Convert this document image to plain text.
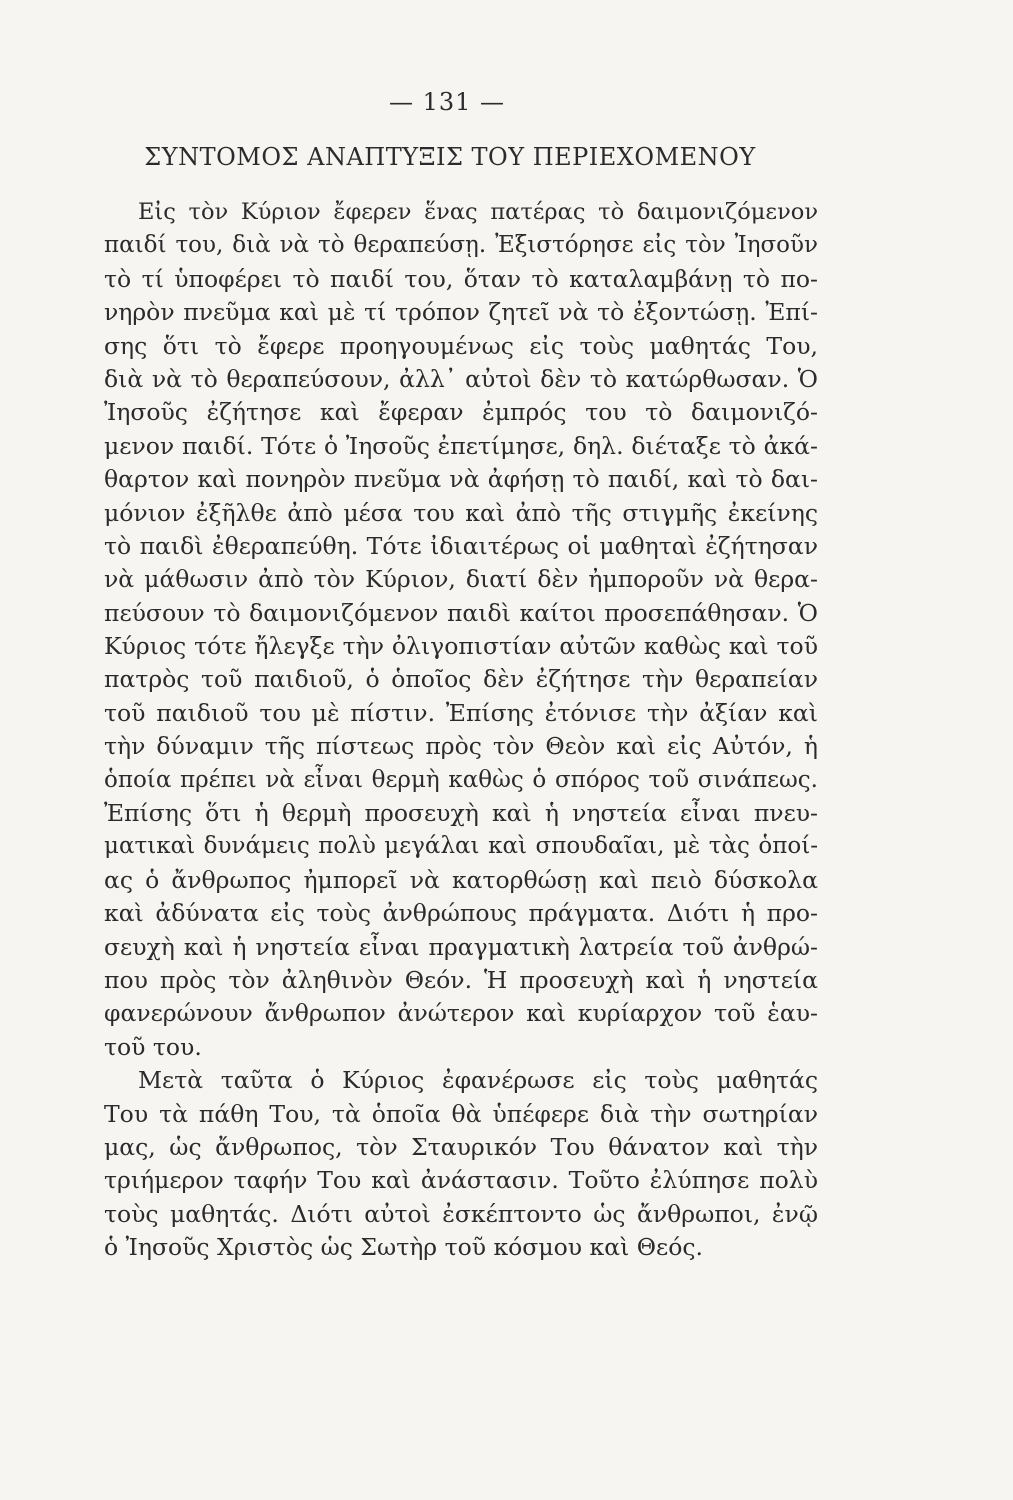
— 131 —
ΣΥΝΤΟΜΟΣ ΑΝΑΠΤΥΞΙΣ ΤΟΥ ΠΕΡΙΕΧΟΜΕΝΟΥ
Εἰς τὸν Κύριον ἔφερεν ἕνας πατέρας τὸ δαιμονιζόμενον
παιδί του, διὰ νὰ τὸ θεραπεύσῃ. Ἐξιστόρησε εἰς τὸν Ἰησοῦν
τὸ τί ὑποφέρει τὸ παιδί του, ὅταν τὸ καταλαμβάνῃ τὸ πο-
νηρὸν πνεῦμα καὶ μὲ τί τρόπον ζητεῖ νὰ τὸ ἐξοντώσῃ. Ἐπί-
σης ὅτι τὸ ἔφερε προηγουμένως εἰς τοὺς μαθητάς Του,
διὰ νὰ τὸ θεραπεύσουν, ἀλλ᾽ αὐτοὶ δὲν τὸ κατώρθωσαν. Ὁ
Ἰησοῦς ἐζήτησε καὶ ἔφεραν ἐμπρός του τὸ δαιμονιζό-
μενον παιδί. Τότε ὁ Ἰησοῦς ἐπετίμησε, δηλ. διέταξε τὸ ἀκά-
θαρτον καὶ πονηρὸν πνεῦμα νὰ ἀφήσῃ τὸ παιδί, καὶ τὸ δαι-
μόνιον ἐξῆλθε ἀπὸ μέσα του καὶ ἀπὸ τῆς στιγμῆς ἐκείνης
τὸ παιδὶ ἐθεραπεύθη. Τότε ἰδιαιτέρως οἱ μαθηταὶ ἐζήτησαν
νὰ μάθωσιν ἀπὸ τὸν Κύριον, διατί δὲν ἠμποροῦν νὰ θερα-
πεύσουν τὸ δαιμονιζόμενον παιδὶ καίτοι προσεπάθησαν. Ὁ
Κύριος τότε ἤλεγξε τὴν ὀλιγοπιστίαν αὐτῶν καθὼς καὶ τοῦ
πατρὸς τοῦ παιδιοῦ, ὁ ὁποῖος δὲν ἐζήτησε τὴν θεραπείαν
τοῦ παιδιοῦ του μὲ πίστιν. Ἐπίσης ἐτόνισε τὴν ἀξίαν καὶ
τὴν δύναμιν τῆς πίστεως πρὸς τὸν Θεὸν καὶ εἰς Αὐτόν, ἡ
ὁποία πρέπει νὰ εἶναι θερμὴ καθὼς ὁ σπόρος τοῦ σινάπεως.
Ἐπίσης ὅτι ἡ θερμὴ προσευχὴ καὶ ἡ νηστεία εἶναι πνευ-
ματικαὶ δυνάμεις πολὺ μεγάλαι καὶ σπουδαῖαι, μὲ τὰς ὁποί-
ας ὁ ἄνθρωπος ἠμπορεῖ νὰ κατορθώσῃ καὶ πειὸ δύσκολα
καὶ ἀδύνατα εἰς τοὺς ἀνθρώπους πράγματα. Διότι ἡ προ-
σευχὴ καὶ ἡ νηστεία εἶναι πραγματικὴ λατρεία τοῦ ἀνθρώ-
που πρὸς τὸν ἀληθινὸν Θεόν. Ἡ προσευχὴ καὶ ἡ νηστεία
φανερώνουν ἄνθρωπον ἀνώτερον καὶ κυρίαρχον τοῦ ἑαυ-
τοῦ του.
Μετὰ ταῦτα ὁ Κύριος ἐφανέρωσε εἰς τοὺς μαθητάς
Του τὰ πάθη Του, τὰ ὁποῖα θὰ ὑπέφερε διὰ τὴν σωτηρίαν
μας, ὡς ἄνθρωπος, τὸν Σταυρικόν Του θάνατον καὶ τὴν
τριήμερον ταφήν Του καὶ ἀνάστασιν. Τοῦτο ἐλύπησε πολὺ
τοὺς μαθητάς. Διότι αὐτοὶ ἐσκέπτοντο ὡς ἄνθρωποι, ἐνῷ
ὁ Ἰησοῦς Χριστὸς ὡς Σωτὴρ τοῦ κόσμου καὶ Θεός.
